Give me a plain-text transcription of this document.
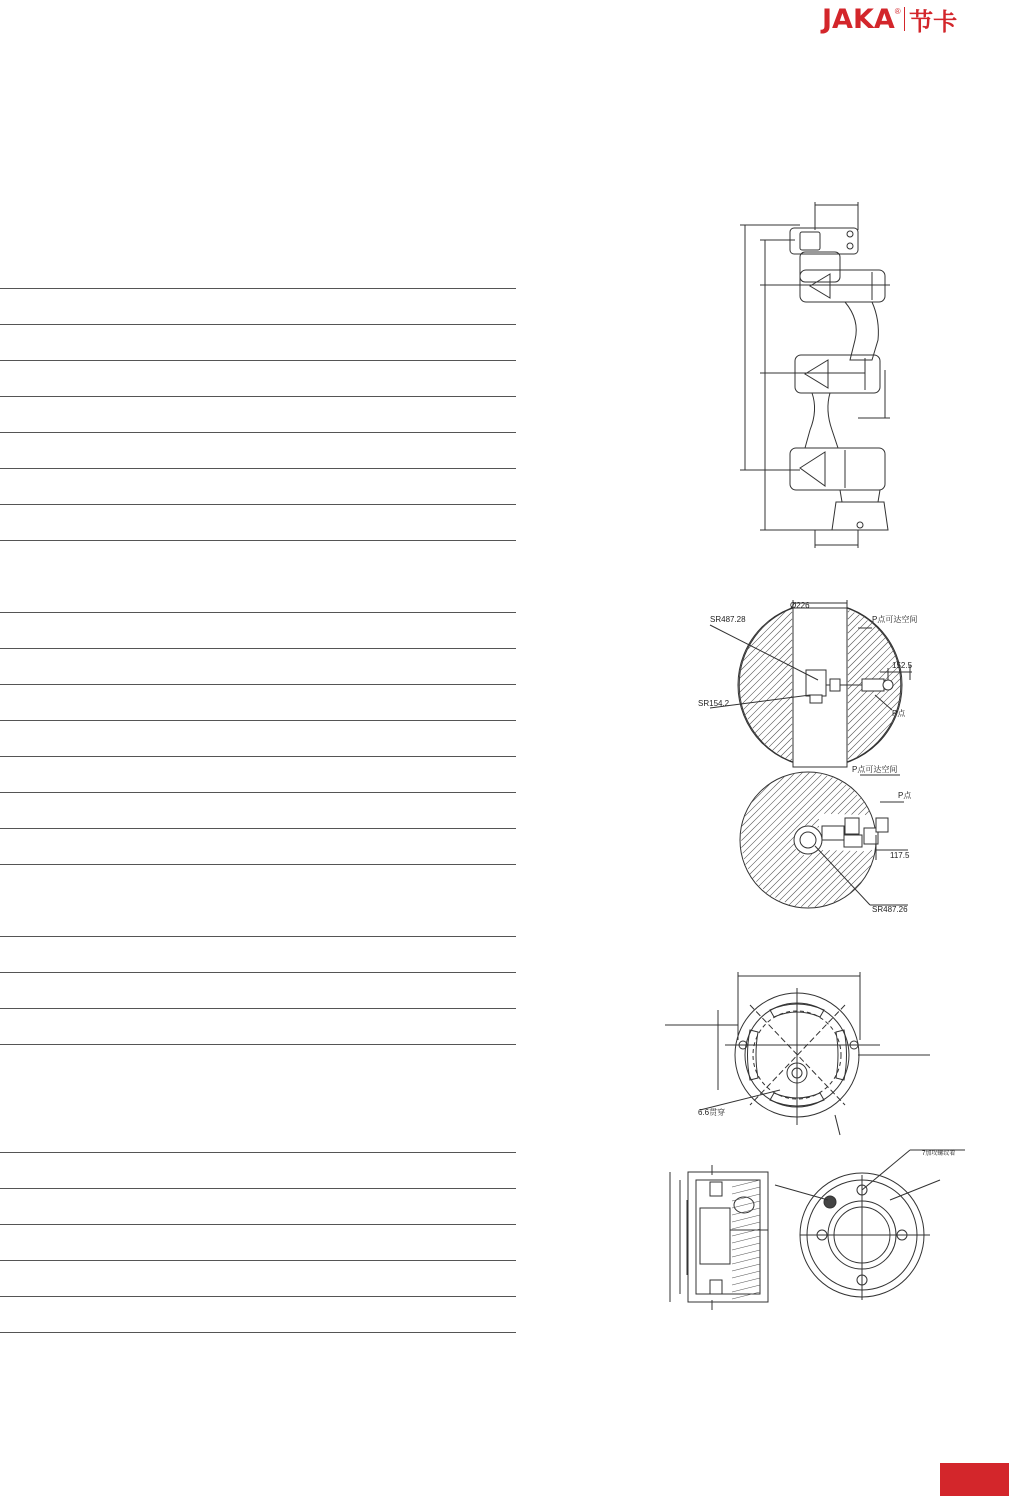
JAKA ® 节卡
Ø226
SR487.28
SR154.2
P点可达空间
152.5
P点
P点可达空间
P点
117.5
SR487.26
6.6贯穿
7加攻螺纹着
